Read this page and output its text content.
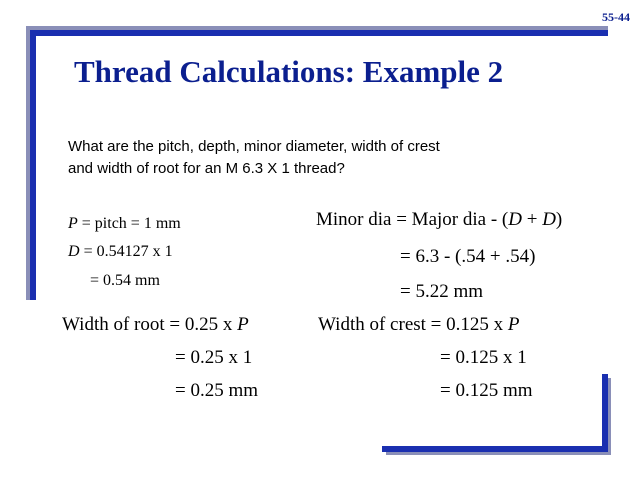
55-44
Thread Calculations: Example 2
What are the pitch, depth, minor diameter, width of crest
and width of root for an M 6.3 X 1 thread?
P = pitch = 1 mm
D = 0.54127 x 1
= 0.54 mm
Width of root = 0.25 x P
= 0.25 x 1
= 0.25 mm
Minor dia = Major dia - (D + D)
= 6.3 - (.54 + .54)
= 5.22 mm
Width of crest = 0.125 x P
= 0.125 x 1
= 0.125 mm
